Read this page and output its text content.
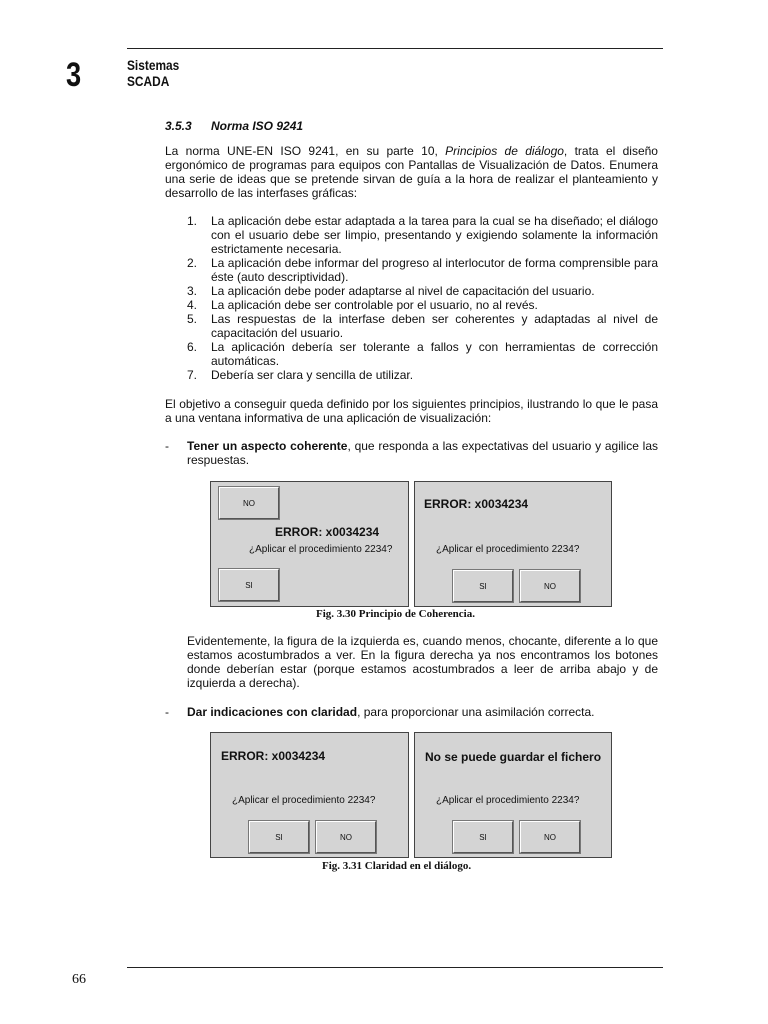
3	Sistemas
SCADA
3.5.3 Norma ISO 9241
La norma UNE-EN ISO 9241, en su parte 10, Principios de diálogo, trata el diseño ergonómico de programas para equipos con Pantallas de Visualización de Datos. Enumera una serie de ideas que se pretende sirvan de guía a la hora de realizar el planteamiento y desarrollo de las interfases gráficas:
1. La aplicación debe estar adaptada a la tarea para la cual se ha diseñado; el diálogo con el usuario debe ser limpio, presentando y exigiendo solamente la información estrictamente necesaria.
2. La aplicación debe informar del progreso al interlocutor de forma comprensible para éste (auto descriptividad).
3. La aplicación debe poder adaptarse al nivel de capacitación del usuario.
4. La aplicación debe ser controlable por el usuario, no al revés.
5. Las respuestas de la interfase deben ser coherentes y adaptadas al nivel de capacitación del usuario.
6. La aplicación debería ser tolerante a fallos y con herramientas de corrección automáticas.
7. Debería ser clara y sencilla de utilizar.
El objetivo a conseguir queda definido por los siguientes principios, ilustrando lo que le pasa a una ventana informativa de una aplicación de visualización:
- Tener un aspecto coherente, que responda a las expectativas del usuario y agilice las respuestas.
NO
ERROR: x0034234
¿Aplicar el procedimiento 2234?
SI
ERROR: x0034234
¿Aplicar el procedimiento 2234?
SI	NO
Fig. 3.30 Principio de Coherencia.
Evidentemente, la figura de la izquierda es, cuando menos, chocante, diferente a lo que estamos acostumbrados a ver. En la figura derecha ya nos encontramos los botones donde deberían estar (porque estamos acostumbrados a leer de arriba abajo y de izquierda a derecha).
- Dar indicaciones con claridad, para proporcionar una asimilación correcta.
ERROR: x0034234
¿Aplicar el procedimiento 2234?
SI	NO
No se puede guardar el fichero
¿Aplicar el procedimiento 2234?
SI	NO
Fig. 3.31 Claridad en el diálogo.
66
